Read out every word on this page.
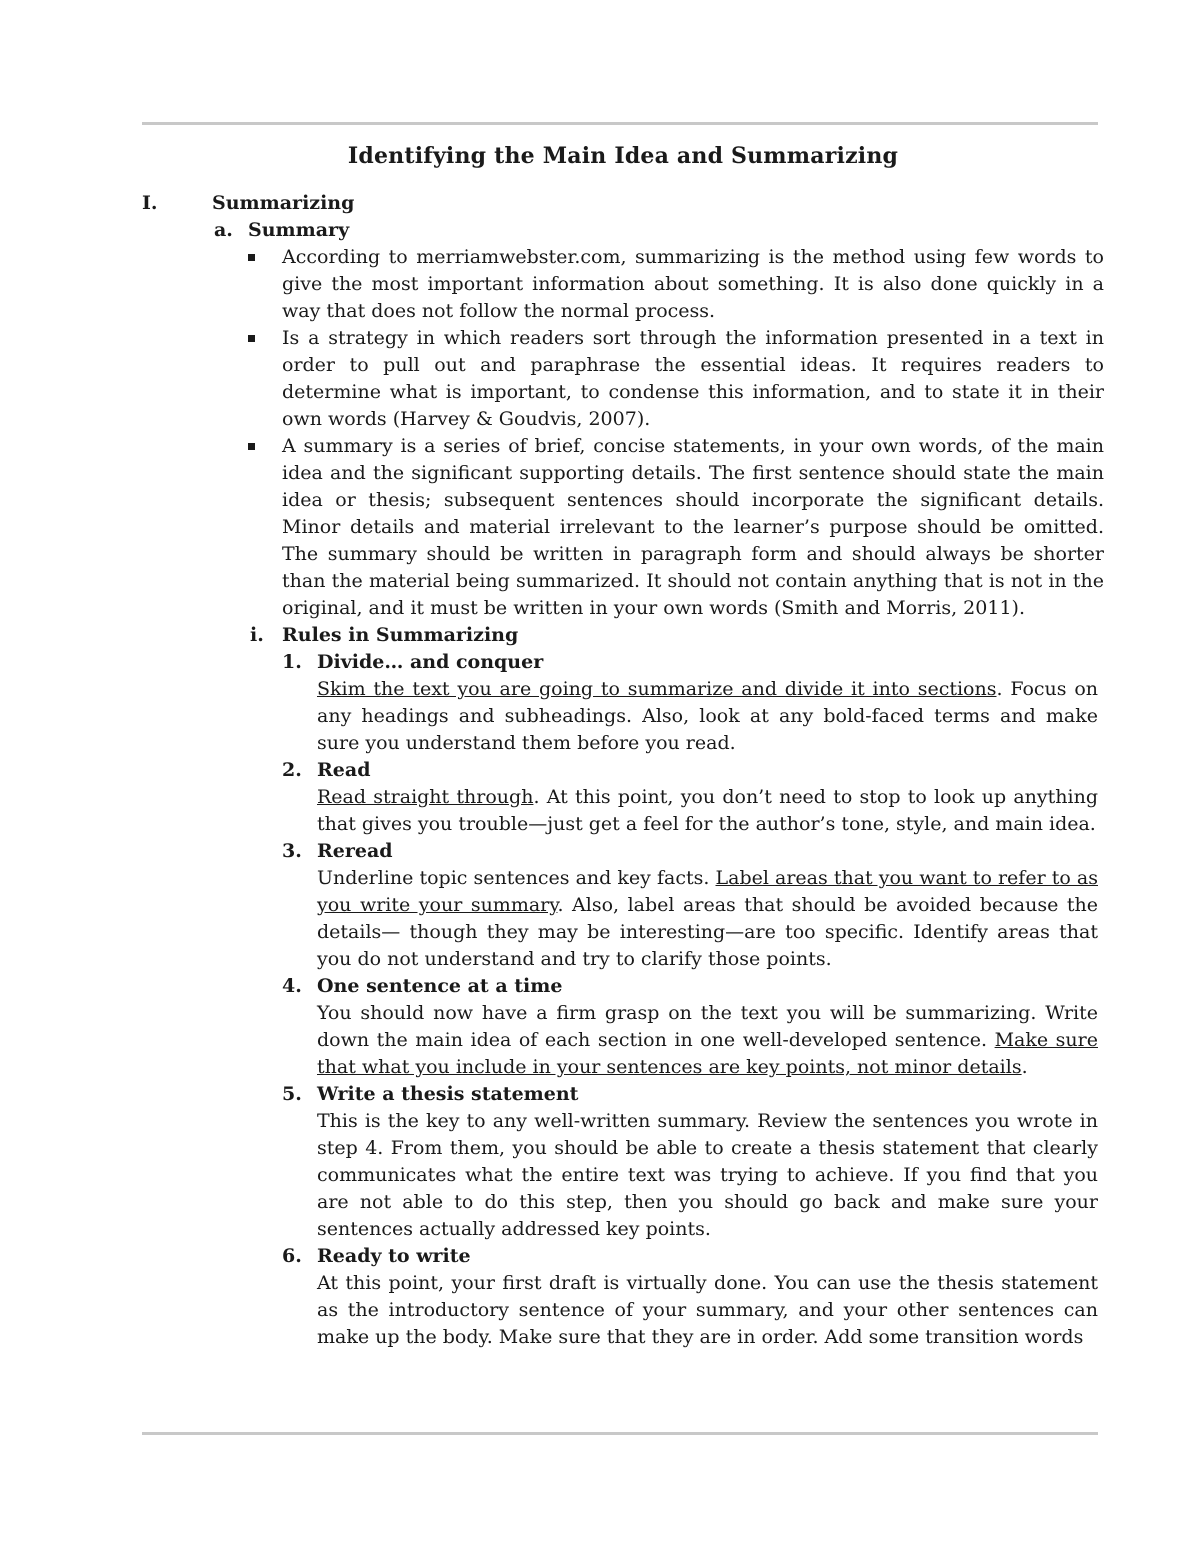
Identifying the Main Idea and Summarizing
I.	Summarizing
a. Summary
According to merriamwebster.com, summarizing is the method using few words to give the most important information about something. It is also done quickly in a way that does not follow the normal process.
Is a strategy in which readers sort through the information presented in a text in order to pull out and paraphrase the essential ideas. It requires readers to determine what is important, to condense this information, and to state it in their own words (Harvey & Goudvis, 2007).
A summary is a series of brief, concise statements, in your own words, of the main idea and the significant supporting details. The first sentence should state the main idea or thesis; subsequent sentences should incorporate the significant details. Minor details and material irrelevant to the learner’s purpose should be omitted. The summary should be written in paragraph form and should always be shorter than the material being summarized. It should not contain anything that is not in the original, and it must be written in your own words (Smith and Morris, 2011).
i. Rules in Summarizing
1. Divide… and conquer
Skim the text you are going to summarize and divide it into sections. Focus on any headings and subheadings. Also, look at any bold-faced terms and make sure you understand them before you read.
2. Read
Read straight through. At this point, you don’t need to stop to look up anything that gives you trouble—just get a feel for the author’s tone, style, and main idea.
3. Reread
Underline topic sentences and key facts. Label areas that you want to refer to as you write your summary. Also, label areas that should be avoided because the details— though they may be interesting—are too specific. Identify areas that you do not understand and try to clarify those points.
4. One sentence at a time
You should now have a firm grasp on the text you will be summarizing. Write down the main idea of each section in one well-developed sentence. Make sure that what you include in your sentences are key points, not minor details.
5. Write a thesis statement
This is the key to any well-written summary. Review the sentences you wrote in step 4. From them, you should be able to create a thesis statement that clearly communicates what the entire text was trying to achieve. If you find that you are not able to do this step, then you should go back and make sure your sentences actually addressed key points.
6. Ready to write
At this point, your first draft is virtually done. You can use the thesis statement as the introductory sentence of your summary, and your other sentences can make up the body. Make sure that they are in order. Add some transition words
